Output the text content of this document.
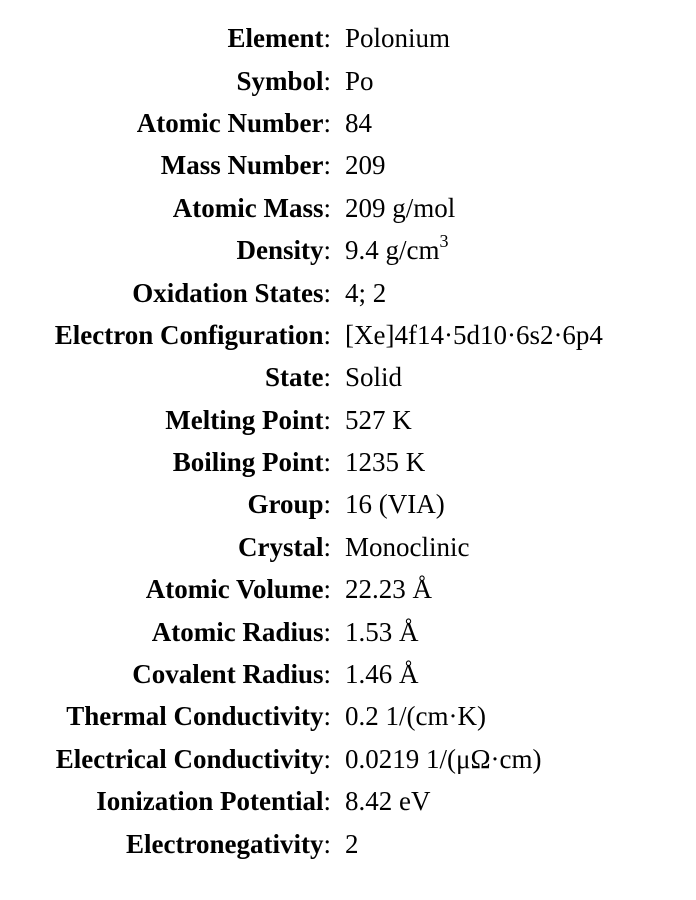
Element:	Polonium
Symbol:	Po
Atomic Number:	84
Mass Number:	209
Atomic Mass:	209 g/mol
Density:	9.4 $g/cm^3$
Oxidation States:	4; 2
Electron Configuration:	[Xe]4f14·5d10·6s2·6p4
State:	Solid
Melting Point:	527 K
Boiling Point:	1235 K
Group:	16 (VIA)
Crystal:	Monoclinic
Atomic Volume:	22.23 Å
Atomic Radius:	1.53 Å
Covalent Radius:	1.46 Å
Thermal Conductivity:	0.2 1/(cm·K)
Electrical Conductivity:	0.0219 1/(μΩ·cm)
Ionization Potential:	8.42 eV
Electronegativity:	2
